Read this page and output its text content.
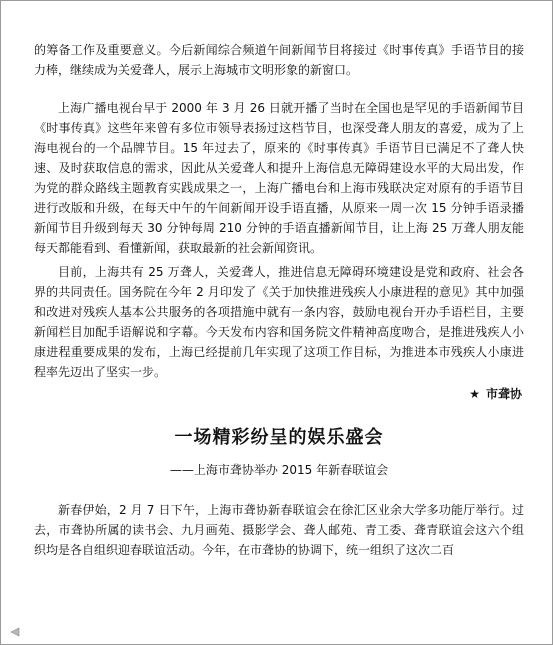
的筹备工作及重要意义。今后新闻综合频道午间新闻节目将接过《时事传真》手语节目的接力棒，继续成为关爱聋人，展示上海城市文明形象的新窗口。

上海广播电视台早于 2000 年 3 月 26 日就开播了当时在全国也是罕见的手语新闻节目《时事传真》这些年来曾有多位市领导表扬过这档节目，也深受聋人朋友的喜爱，成为了上海电视台的一个品牌节目。15 年过去了，原来的《时事传真》手语节目已满足不了聋人快速、及时获取信息的需求，因此从关爱聋人和提升上海信息无障碍建设水平的大局出发，作为党的群众路线主题教育实践成果之一，上海广播电台和上海市残联决定对原有的手语节目进行改版和升级，在每天中午的午间新闻开设手语直播，从原来一周一次 15 分钟手语录播新闻节目升级到每天 30 分钟每周 210 分钟的手语直播新闻节目，让上海 25 万聋人朋友能每天都能看到、看懂新闻，获取最新的社会新闻资讯。

目前，上海共有 25 万聋人，关爱聋人，推进信息无障碍环境建设是党和政府、社会各界的共同责任。国务院在今年 2 月印发了《关于加快推进残疾人小康进程的意见》其中加强和改进对残疾人基本公共服务的各项措施中就有一条内容，鼓励电视台开办手语栏目，主要新闻栏目加配手语解说和字幕。今天发布内容和国务院文件精神高度吻合，是推进残疾人小康进程重要成果的发布，上海已经提前几年实现了这项工作目标，为推进本市残疾人小康进程率先迈出了坚实一步。

★ 市聋协
一场精彩纷呈的娱乐盛会
——上海市聋协举办 2015 年新春联谊会

新春伊始，2 月 7 日下午，上海市聋协新春联谊会在徐汇区业余大学多功能厅举行。过去，市聋协所属的读书会、九月画苑、摄影学会、聋人邮苑、青工委、聋青联谊会这六个组织均是各自组织迎春联谊活动。今年，在市聋协的协调下，统一组织了这次二百
